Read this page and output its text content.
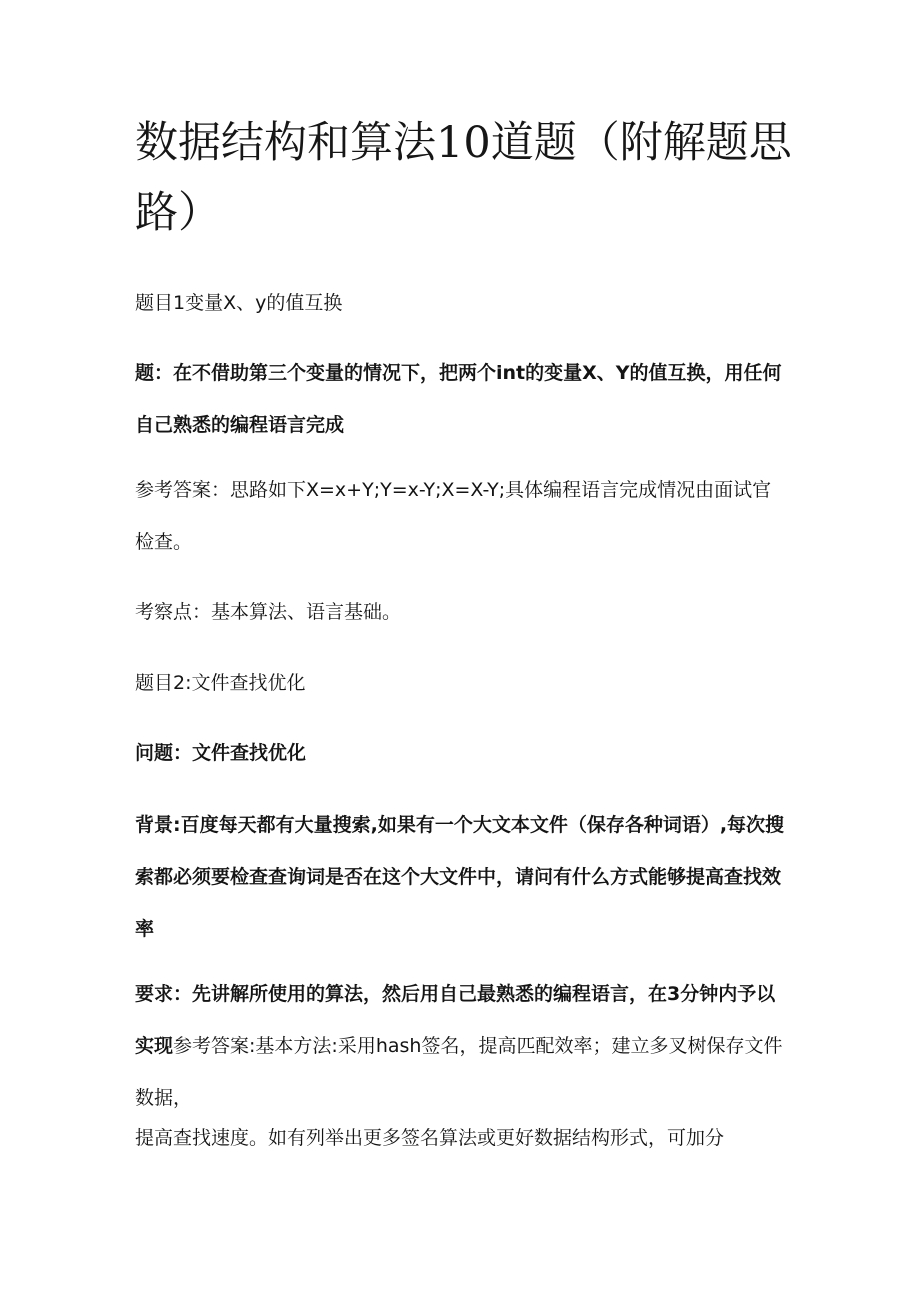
数据结构和算法10道题（附解题思路）

题目1变量X、y的值互换

题：在不借助第三个变量的情况下，把两个int的变量X、Y的值互换，用任何自己熟悉的编程语言完成

参考答案：思路如下X=x+Y;Y=x-Y;X=X-Y;具体编程语言完成情况由面试官检查。

考察点：基本算法、语言基础。

题目2:文件查找优化

问题：文件查找优化

背景:百度每天都有大量搜索,如果有一个大文本文件（保存各种词语）,每次搜索都必须要检查查询词是否在这个大文件中，请问有什么方式能够提高查找效率

要求：先讲解所使用的算法，然后用自己最熟悉的编程语言，在3分钟内予以实现参考答案:基本方法:采用hash签名，提高匹配效率；建立多叉树保存文件数据，

提高查找速度。如有列举出更多签名算法或更好数据结构形式，可加分
